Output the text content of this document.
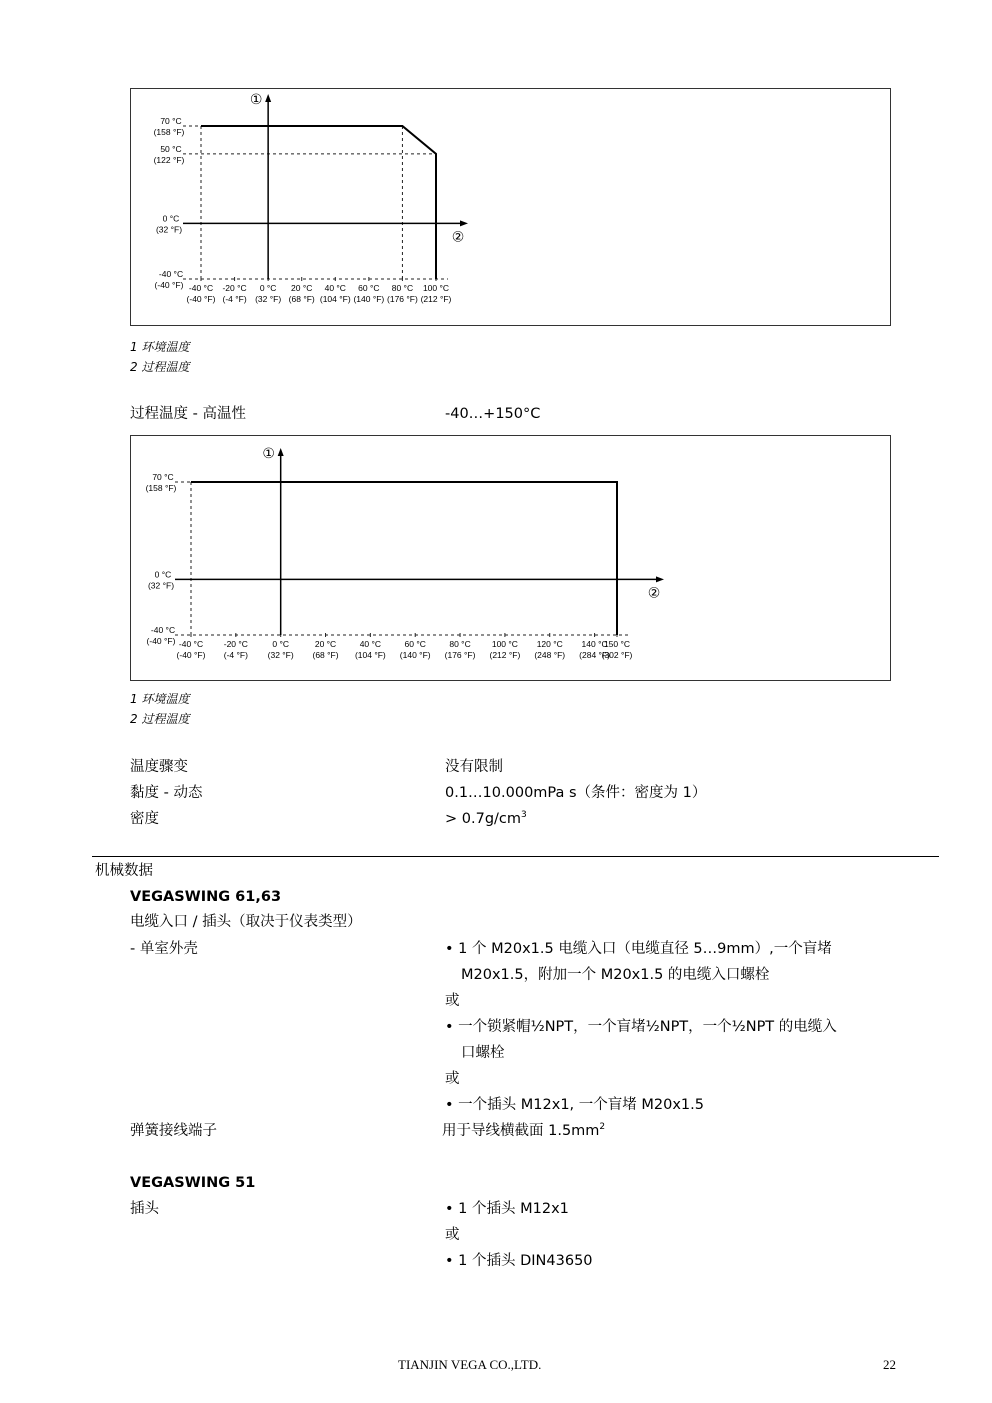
70 °C
(158 °F)
50 °C
(122 °F)
0 °C
(32 °F)
-40 °C
(-40 °F) -40 °C
(-40 °F)
-20 °C
(-4 °F)
0 °C
(32 °F)
20 °C
(68 °F)
40 °C
(104 °F)
60 °C
(140 °F)
80 °C
(176 °F)
100 °C
(212 °F)
①
②
1 环境温度
2 过程温度
过程温度 - 高温性	-40…+150°C
70 °C
(158 °F)
0 °C
(32 °F)
-40 °C
(-40 °F) -40 °C
(-40 °F)
-20 °C
(-4 °F)
0 °C
(32 °F)
20 °C
(68 °F)
40 °C
(104 °F)
60 °C
(140 °F)
80 °C
(176 °F)
100 °C
(212 °F)
120 °C
(248 °F)
140 °C
(284 °F)
150 °C
(302 °F)
①
②
1 环境温度
2 过程温度
温度骤变	没有限制
黏度 - 动态	0.1…10.000mPa s（条件：密度为 1）
密度	> $0.7g/cm^3$
机械数据
VEGASWING 61,63
电缆入口 / 插头（取决于仪表类型）
- 单室外壳	• 1 个 M20x1.5 电缆入口（电缆直径 5…9mm）,一个盲堵
M20x1.5，附加一个 M20x1.5 的电缆入口螺栓
或
• 一个锁紧帽½NPT，一个盲堵½NPT，一个½NPT 的电缆入
口螺栓
或
• 一个插头 M12x1, 一个盲堵 M20x1.5
弹簧接线端子	用于导线横截面 $1.5mm^2$
VEGASWING 51
插头	• 1 个插头 M12x1
或
• 1 个插头 DIN43650
TIANJIN VEGA CO.,LTD.	22
